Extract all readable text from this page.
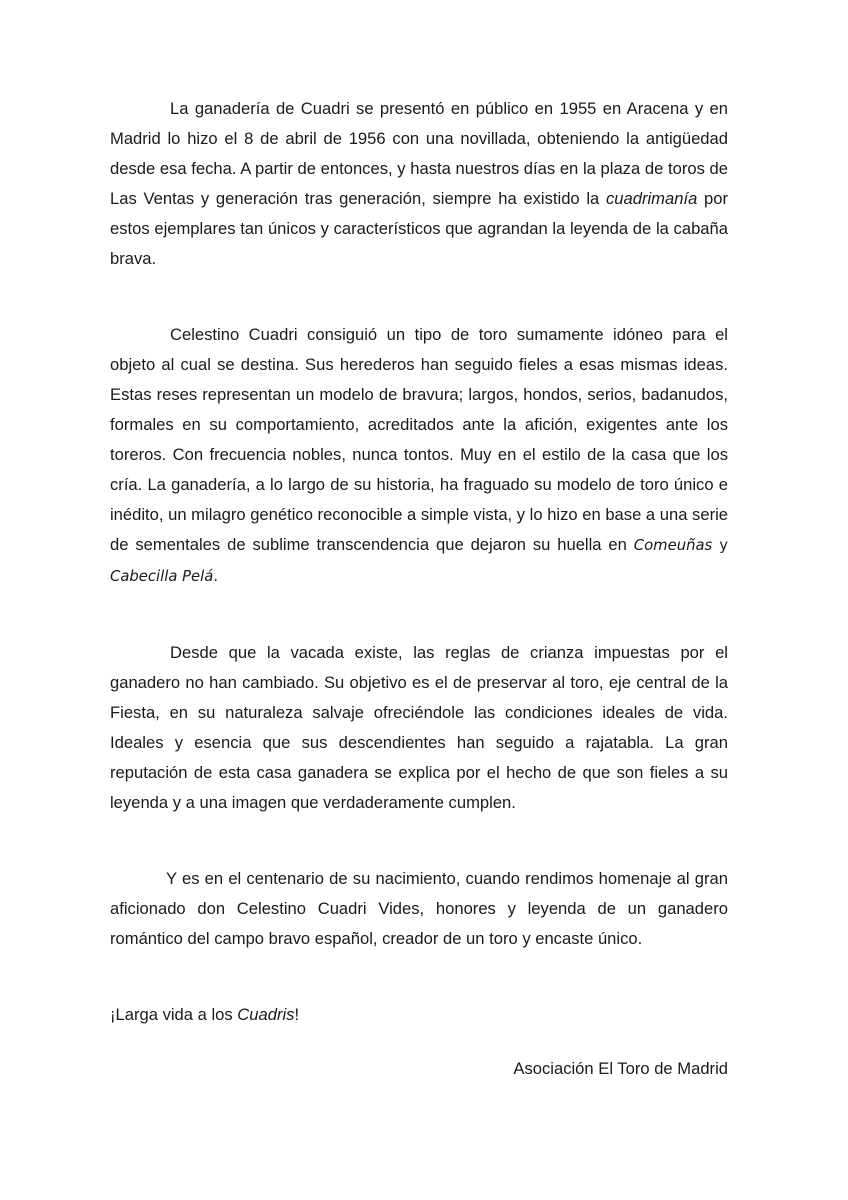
La ganadería de Cuadri se presentó en público en 1955 en Aracena y en Madrid lo hizo el 8 de abril de 1956 con una novillada, obteniendo la antigüedad desde esa fecha. A partir de entonces, y hasta nuestros días en la plaza de toros de Las Ventas y generación tras generación, siempre ha existido la cuadrimanía por estos ejemplares tan únicos y característicos que agrandan la leyenda de la cabaña brava.

Celestino Cuadri consiguió un tipo de toro sumamente idóneo para el objeto al cual se destina. Sus herederos han seguido fieles a esas mismas ideas. Estas reses representan un modelo de bravura; largos, hondos, serios, badanudos, formales en su comportamiento, acreditados ante la afición, exigentes ante los toreros. Con frecuencia nobles, nunca tontos. Muy en el estilo de la casa que los cría. La ganadería, a lo largo de su historia, ha fraguado su modelo de toro único e inédito, un milagro genético reconocible a simple vista, y lo hizo en base a una serie de sementales de sublime transcendencia que dejaron su huella en Comeuñas y Cabecilla Pelá.

Desde que la vacada existe, las reglas de crianza impuestas por el ganadero no han cambiado. Su objetivo es el de preservar al toro, eje central de la Fiesta, en su naturaleza salvaje ofreciéndole las condiciones ideales de vida. Ideales y esencia que sus descendientes han seguido a rajatabla. La gran reputación de esta casa ganadera se explica por el hecho de que son fieles a su leyenda y a una imagen que verdaderamente cumplen.

Y es en el centenario de su nacimiento, cuando rendimos homenaje al gran aficionado don Celestino Cuadri Vides, honores y leyenda de un ganadero romántico del campo bravo español, creador de un toro y encaste único.

¡Larga vida a los Cuadris!

Asociación El Toro de Madrid
